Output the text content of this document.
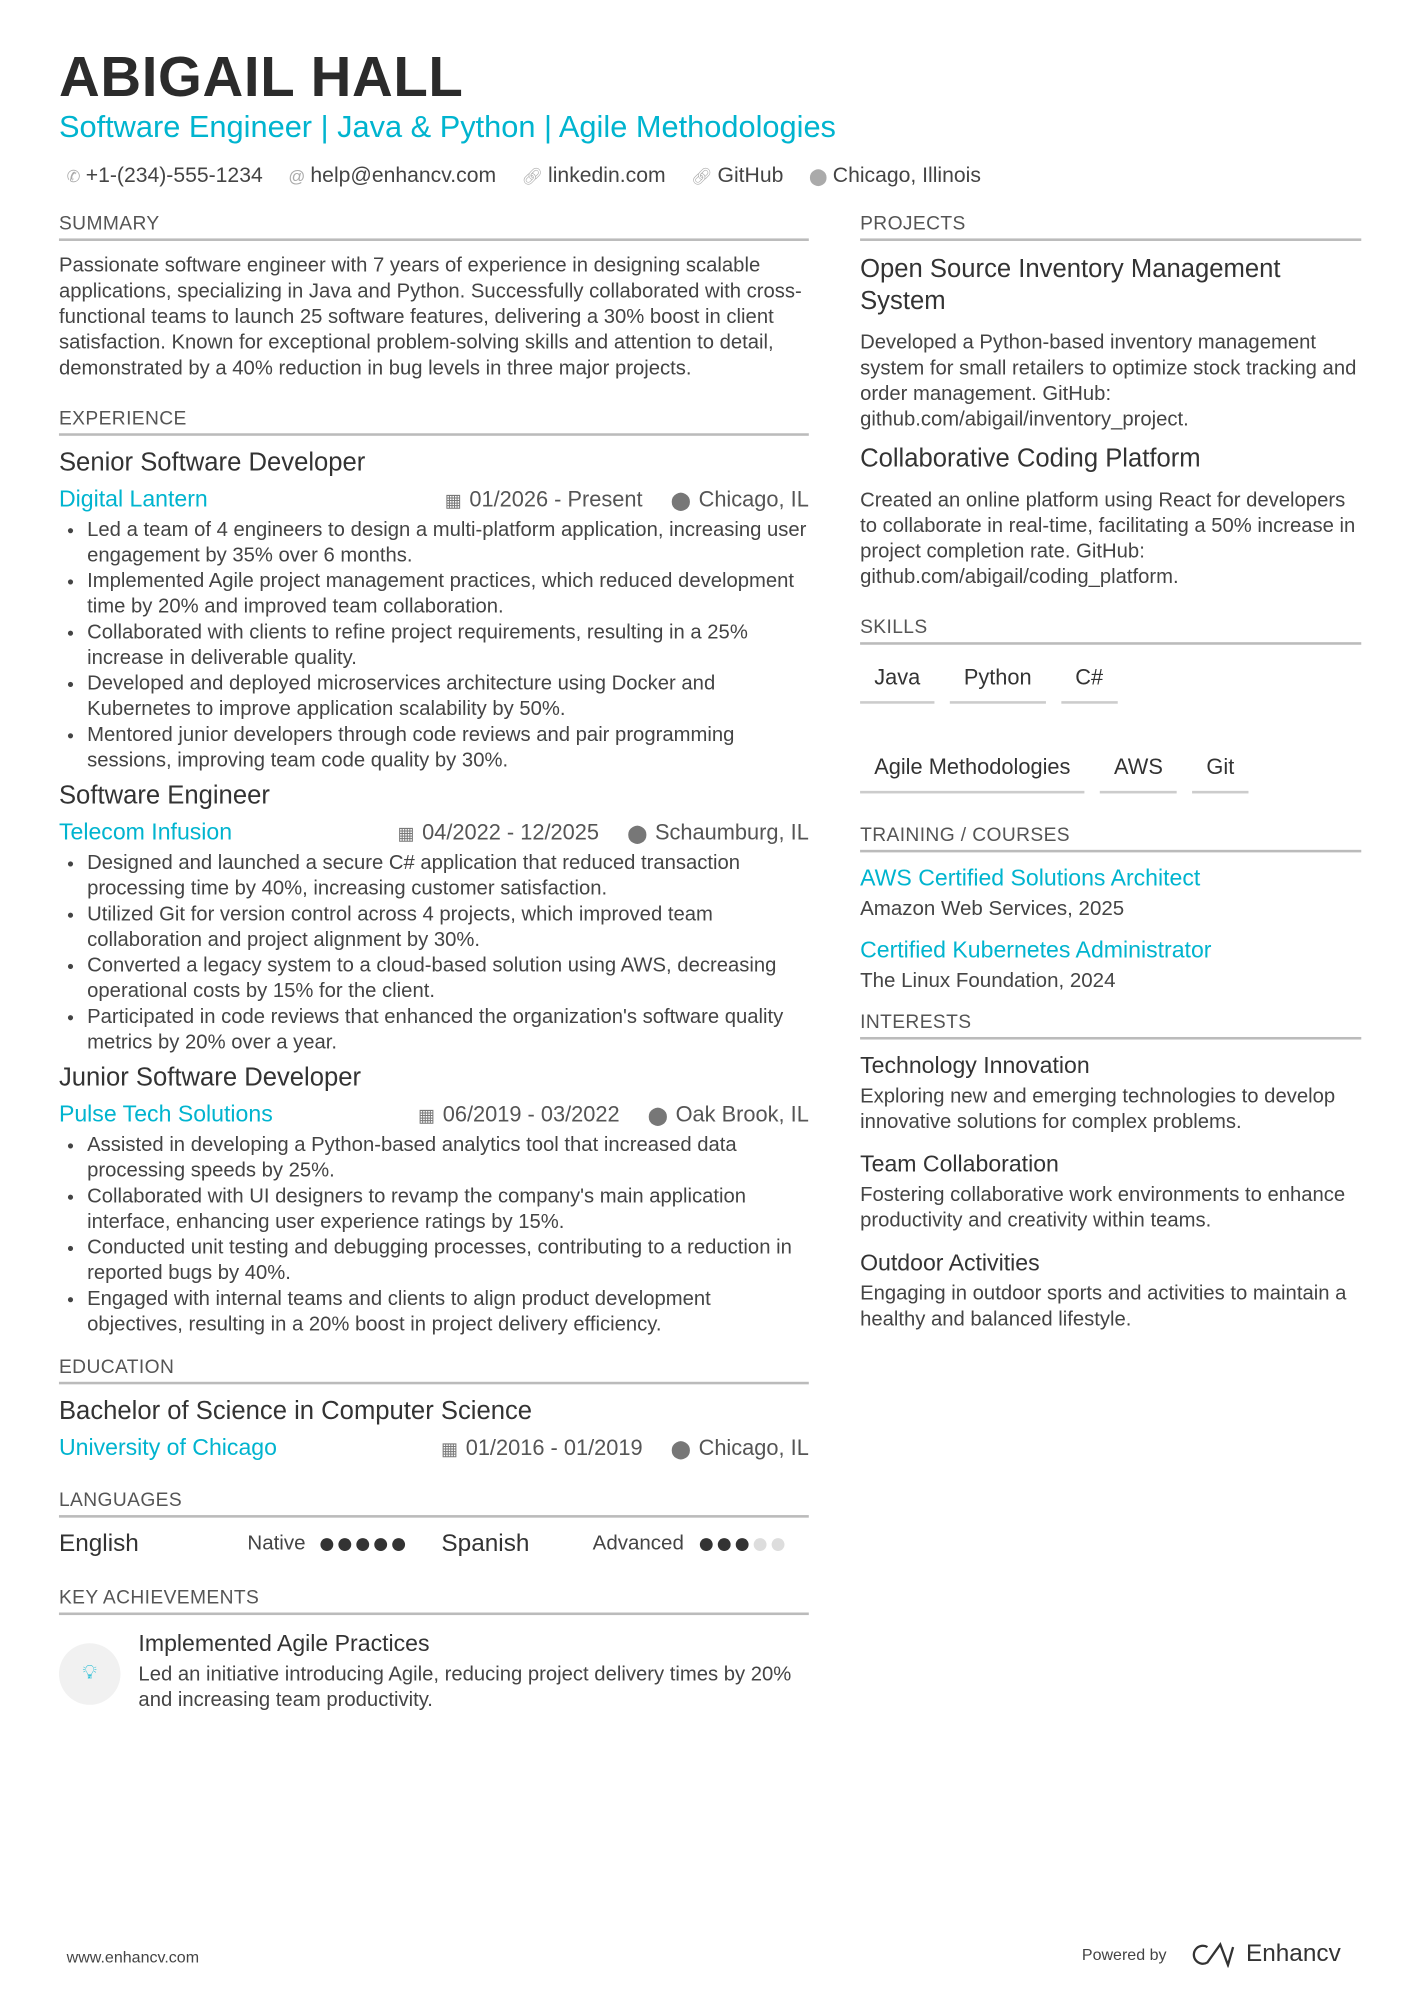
ABIGAIL HALL
Software Engineer | Java & Python | Agile Methodologies
✆ +1-(234)-555-1234 @ help@enhancv.com 🔗︎ linkedin.com 🔗︎ GitHub ⬤ Chicago, Illinois
SUMMARY
Passionate software engineer with 7 years of experience in designing scalable applications, specializing in Java and Python. Successfully collaborated with cross-functional teams to launch 25 software features, delivering a 30% boost in client satisfaction. Known for exceptional problem-solving skills and attention to detail, demonstrated by a 40% reduction in bug levels in three major projects.
EXPERIENCE
Senior Software Developer
Digital Lantern	▦ 01/2026 - Present ⬤ Chicago, IL
• Led a team of 4 engineers to design a multi-platform application, increasing user engagement by 35% over 6 months.
• Implemented Agile project management practices, which reduced development time by 20% and improved team collaboration.
• Collaborated with clients to refine project requirements, resulting in a 25% increase in deliverable quality.
• Developed and deployed microservices architecture using Docker and Kubernetes to improve application scalability by 50%.
• Mentored junior developers through code reviews and pair programming sessions, improving team code quality by 30%.
Software Engineer
Telecom Infusion	▦ 04/2022 - 12/2025 ⬤ Schaumburg, IL
• Designed and launched a secure C# application that reduced transaction processing time by 40%, increasing customer satisfaction.
• Utilized Git for version control across 4 projects, which improved team collaboration and project alignment by 30%.
• Converted a legacy system to a cloud-based solution using AWS, decreasing operational costs by 15% for the client.
• Participated in code reviews that enhanced the organization's software quality metrics by 20% over a year.
Junior Software Developer
Pulse Tech Solutions	▦ 06/2019 - 03/2022 ⬤ Oak Brook, IL
• Assisted in developing a Python-based analytics tool that increased data processing speeds by 25%.
• Collaborated with UI designers to revamp the company's main application interface, enhancing user experience ratings by 15%.
• Conducted unit testing and debugging processes, contributing to a reduction in reported bugs by 40%.
• Engaged with internal teams and clients to align product development objectives, resulting in a 20% boost in project delivery efficiency.
EDUCATION
Bachelor of Science in Computer Science
University of Chicago	▦ 01/2016 - 01/2019 ⬤ Chicago, IL
LANGUAGES
English	Native	Spanish	Advanced
KEY ACHIEVEMENTS
💡︎
Implemented Agile Practices
Led an initiative introducing Agile, reducing project delivery times by 20% and increasing team productivity.
PROJECTS
Open Source Inventory Management System
Developed a Python-based inventory management system for small retailers to optimize stock tracking and order management. GitHub: github.com/abigail/inventory_project.
Collaborative Coding Platform
Created an online platform using React for developers to collaborate in real-time, facilitating a 50% increase in project completion rate. GitHub: github.com/abigail/coding_platform.
SKILLS
Java	Python	C#
Agile Methodologies	AWS	Git
TRAINING / COURSES
AWS Certified Solutions Architect
Amazon Web Services, 2025
Certified Kubernetes Administrator
The Linux Foundation, 2024
INTERESTS
Technology Innovation
Exploring new and emerging technologies to develop innovative solutions for complex problems.
Team Collaboration
Fostering collaborative work environments to enhance productivity and creativity within teams.
Outdoor Activities
Engaging in outdoor sports and activities to maintain a healthy and balanced lifestyle.
www.enhancv.com	Powered by	Enhancv
